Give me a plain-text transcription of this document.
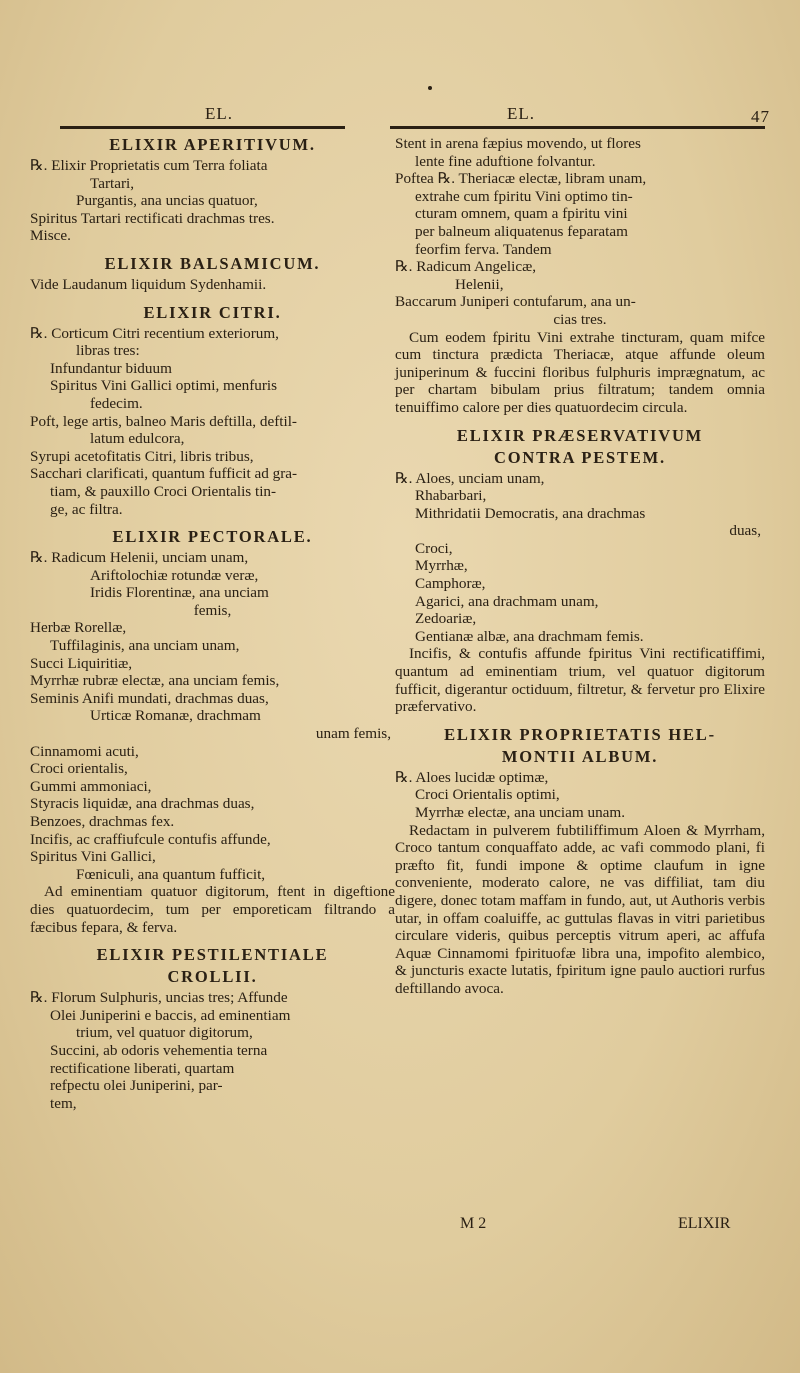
EL.	EL.	47
ELIXIR APERITIVUM.

℞. Elixir Proprietatis cum Terra foliata

Tartari,

Purgantis, ana uncias quatuor,

Spiritus Tartari rectificati drachmas tres.

Misce.

ELIXIR BALSAMICUM.

Vide Laudanum liquidum Sydenhamii.

ELIXIR CITRI.

℞. Corticum Citri recentium exteriorum,

libras tres:

Infundantur biduum

Spiritus Vini Gallici optimi, menfuris

fedecim.

Poft, lege artis, balneo Maris deftilla, deftil-

latum edulcora,

Syrupi acetofitatis Citri, libris tribus,

Sacchari clarificati, quantum fufficit ad gra-

tiam, & pauxillo Croci Orientalis tin-

ge, ac filtra.

ELIXIR PECTORALE.

℞. Radicum Helenii, unciam unam,

Ariftolochiæ rotundæ veræ,

Iridis Florentinæ, ana unciam

femis,

Herbæ Rorellæ,

Tuffilaginis, ana unciam unam,

Succi Liquiritiæ,

Myrrhæ rubræ electæ, ana unciam femis,

Seminis Anifi mundati, drachmas duas,

Urticæ Romanæ, drachmam

unam femis,

Cinnamomi acuti,

Croci orientalis,

Gummi ammoniaci,

Styracis liquidæ, ana drachmas duas,

Benzoes, drachmas fex.

Incifis, ac craffiufcule contufis affunde,

Spiritus Vini Gallici,

Fœniculi, ana quantum fufficit,

Ad eminentiam quatuor digitorum, ftent in digeftione dies quatuordecim, tum per emporeticam filtrando a fæcibus fepara, & ferva.

ELIXIR PESTILENTIALE
CROLLII.

℞. Florum Sulphuris, uncias tres; Affunde

Olei Juniperini e baccis, ad eminentiam

trium, vel quatuor digitorum,

Succini, ab odoris vehementia terna

rectificatione liberati, quartam

refpectu olei Juniperini, par-

tem,

Stent in arena fæpius movendo, ut flores

lente fine aduftione folvantur.

Poftea ℞. Theriacæ electæ, libram unam,

extrahe cum fpiritu Vini optimo tin-

cturam omnem, quam a fpiritu vini

per balneum aliquatenus feparatam

feorfim ferva. Tandem

℞. Radicum Angelicæ,

Helenii,

Baccarum Juniperi contufarum, ana un-

cias tres.

Cum eodem fpiritu Vini extrahe tincturam, quam mifce cum tinctura prædicta Theriacæ, atque affunde oleum juniperinum & fuccini floribus fulphuris imprægnatum, ac per chartam bibulam prius filtratum; tandem omnia tenuiffimo calore per dies quatuordecim circula.

ELIXIR PRÆSERVATIVUM
CONTRA PESTEM.

℞. Aloes, unciam unam,

Rhabarbari,

Mithridatii Democratis, ana drachmas

duas,

Croci,

Myrrhæ,

Camphoræ,

Agarici, ana drachmam unam,

Zedoariæ,

Gentianæ albæ, ana drachmam femis.

Incifis, & contufis affunde fpiritus Vini rectificatiffimi, quantum ad eminentiam trium, vel quatuor digitorum fufficit, digerantur octiduum, filtretur, & fervetur pro Elixire præfervativo.

ELIXIR PROPRIETATIS HEL-
MONTII ALBUM.

℞. Aloes lucidæ optimæ,

Croci Orientalis optimi,

Myrrhæ electæ, ana unciam unam.

Redactam in pulverem fubtiliffimum Aloen & Myrrham, Croco tantum conquaffato adde, ac vafi commodo plani, fi præfto fit, fundi impone & optime claufum in igne conveniente, moderato calore, ne vas diffiliat, tam diu digere, donec totam maffam in fundo, aut, ut Authoris verbis utar, in offam coaluiffe, ac guttulas flavas in vitri parietibus circulare videris, quibus perceptis vitrum aperi, ac affufa Aquæ Cinnamomi fpirituofæ libra una, impofito alembico, & juncturis exacte lutatis, fpiritum igne paulo auctiori rurfus deftillando avoca.

M 2	ELIXIR
